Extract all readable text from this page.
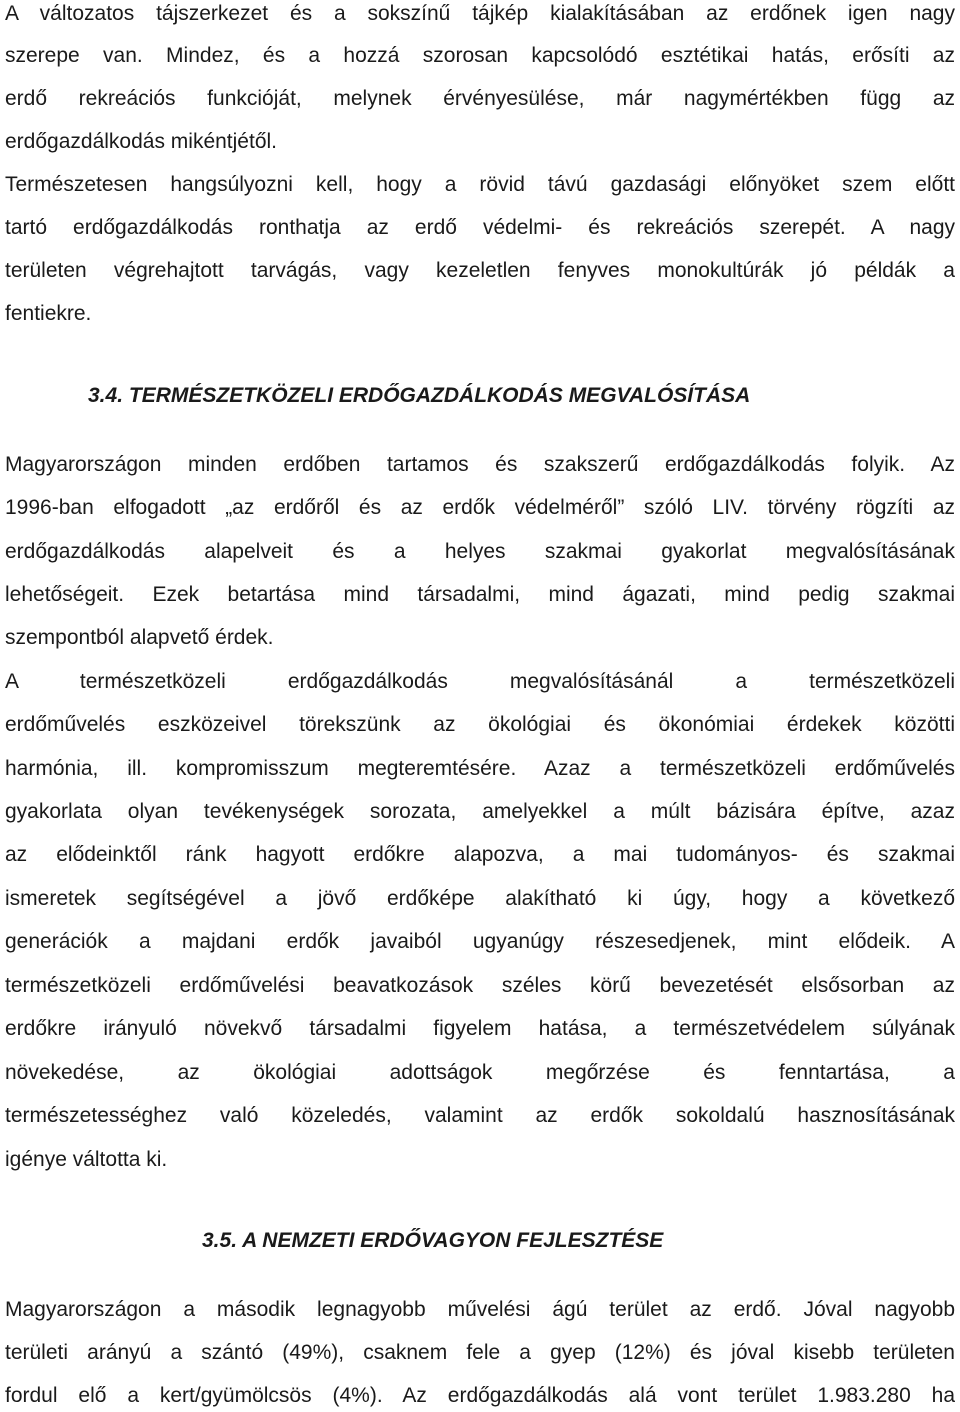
A változatos tájszerkezet és a sokszínű tájkép kialakításában az erdőnek igen nagy
szerepe van. Mindez, és a hozzá szorosan kapcsolódó esztétikai hatás, erősíti az
erdő rekreációs funkcióját, melynek érvényesülése, már nagymértékben függ az
erdőgazdálkodás mikéntjétől.
Természetesen hangsúlyozni kell, hogy a rövid távú gazdasági előnyöket szem előtt
tartó erdőgazdálkodás ronthatja az erdő védelmi- és rekreációs szerepét. A nagy
területen végrehajtott tarvágás, vagy kezeletlen fenyves monokultúrák jó példák a
fentiekre.
3.4. TERMÉSZETKÖZELI ERDŐGAZDÁLKODÁS MEGVALÓSÍTÁSA
Magyarországon minden erdőben tartamos és szakszerű erdőgazdálkodás folyik. Az
1996-ban elfogadott „az erdőről és az erdők védelméről” szóló LIV. törvény rögzíti az
erdőgazdálkodás alapelveit és a helyes szakmai gyakorlat megvalósításának
lehetőségeit. Ezek betartása mind társadalmi, mind ágazati, mind pedig szakmai
szempontból alapvető érdek.
A természetközeli erdőgazdálkodás megvalósításánál a természetközeli
erdőművelés eszközeivel törekszünk az ökológiai és ökonómiai érdekek közötti
harmónia, ill. kompromisszum megteremtésére. Azaz a természetközeli erdőművelés
gyakorlata olyan tevékenységek sorozata, amelyekkel a múlt bázisára építve, azaz
az elődeinktől ránk hagyott erdőkre alapozva, a mai tudományos- és szakmai
ismeretek segítségével a jövő erdőképe alakítható ki úgy, hogy a következő
generációk a majdani erdők javaiból ugyanúgy részesedjenek, mint elődeik. A
természetközeli erdőművelési beavatkozások széles körű bevezetését elsősorban az
erdőkre irányuló növekvő társadalmi figyelem hatása, a természetvédelem súlyának
növekedése, az ökológiai adottságok megőrzése és fenntartása, a
természetességhez való közeledés, valamint az erdők sokoldalú hasznosításának
igénye váltotta ki.
3.5. A NEMZETI ERDŐVAGYON FEJLESZTÉSE
Magyarországon a második legnagyobb művelési ágú terület az erdő. Jóval nagyobb
területi arányú a szántó (49%), csaknem fele a gyep (12%) és jóval kisebb területen
fordul elő a kert/gyümölcsös (4%). Az erdőgazdálkodás alá vont terület 1.983.280 ha
